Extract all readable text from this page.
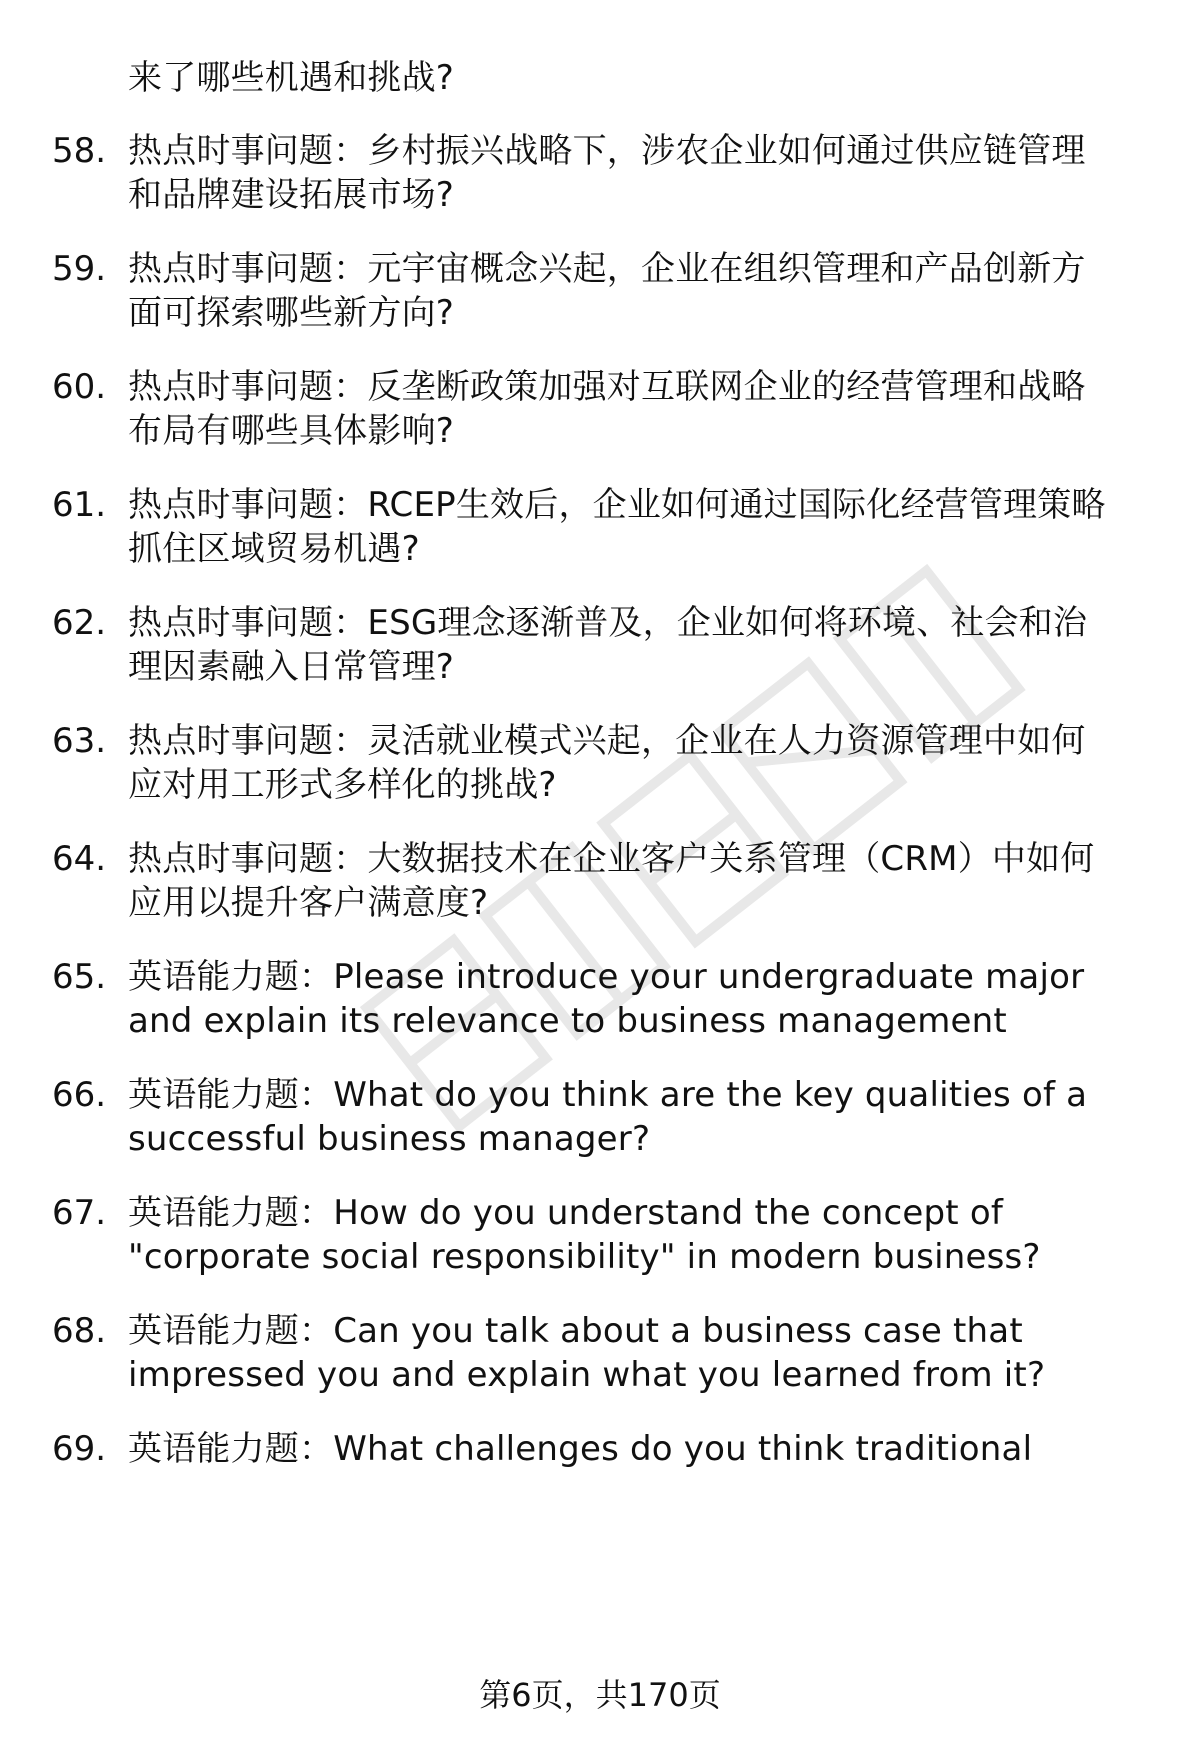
来了哪些机遇和挑战?
58. 热点时事问题：乡村振兴战略下，涉农企业如何通过供应链管理
和品牌建设拓展市场?
59. 热点时事问题：元宇宙概念兴起，企业在组织管理和产品创新方
面可探索哪些新方向?
60. 热点时事问题：反垄断政策加强对互联网企业的经营管理和战略
布局有哪些具体影响?
61. 热点时事问题：RCEP生效后，企业如何通过国际化经营管理策略
抓住区域贸易机遇?
62. 热点时事问题：ESG理念逐渐普及，企业如何将环境、社会和治
理因素融入日常管理?
63. 热点时事问题：灵活就业模式兴起，企业在人力资源管理中如何
应对用工形式多样化的挑战?
64. 热点时事问题：大数据技术在企业客户关系管理（CRM）中如何
应用以提升客户满意度?
65. 英语能力题：Please introduce your undergraduate major
and explain its relevance to business management
66. 英语能力题：What do you think are the key qualities of a
successful business manager?
67. 英语能力题：How do you understand the concept of
"corporate social responsibility" in modern business?
68. 英语能力题：Can you talk about a business case that
impressed you and explain what you learned from it?
69. 英语能力题：What challenges do you think traditional
第6页，共170页
